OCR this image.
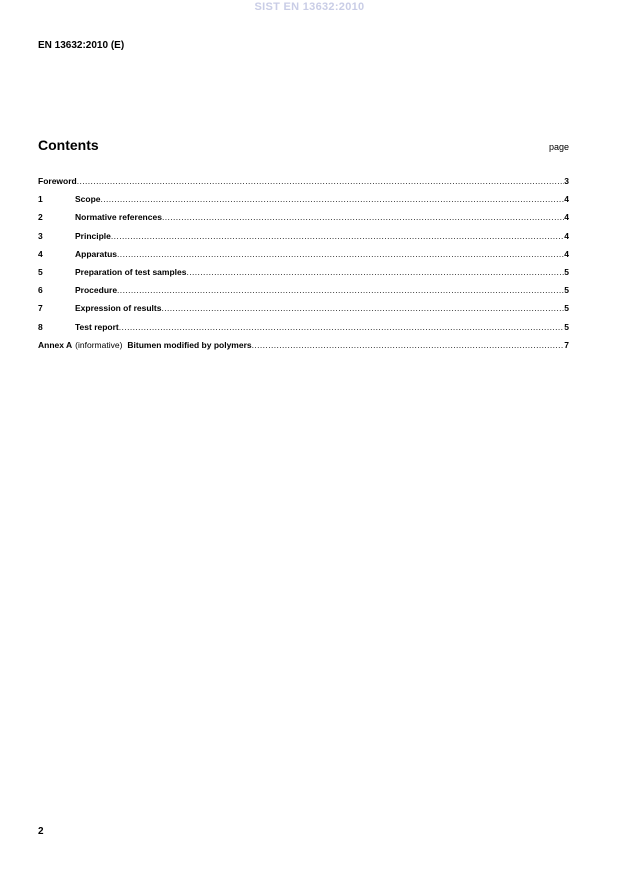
SIST EN 13632:2010
EN 13632:2010 (E)
Contents	page
Foreword .....	3
1	Scope .....	4
2	Normative references .....	4
3	Principle .....	4
4	Apparatus .....	4
5	Preparation of test samples .....	5
6	Procedure .....	5
7	Expression of results .....	5
8	Test report .....	5
Annex A (informative) Bitumen modified by polymers .....	7
2
